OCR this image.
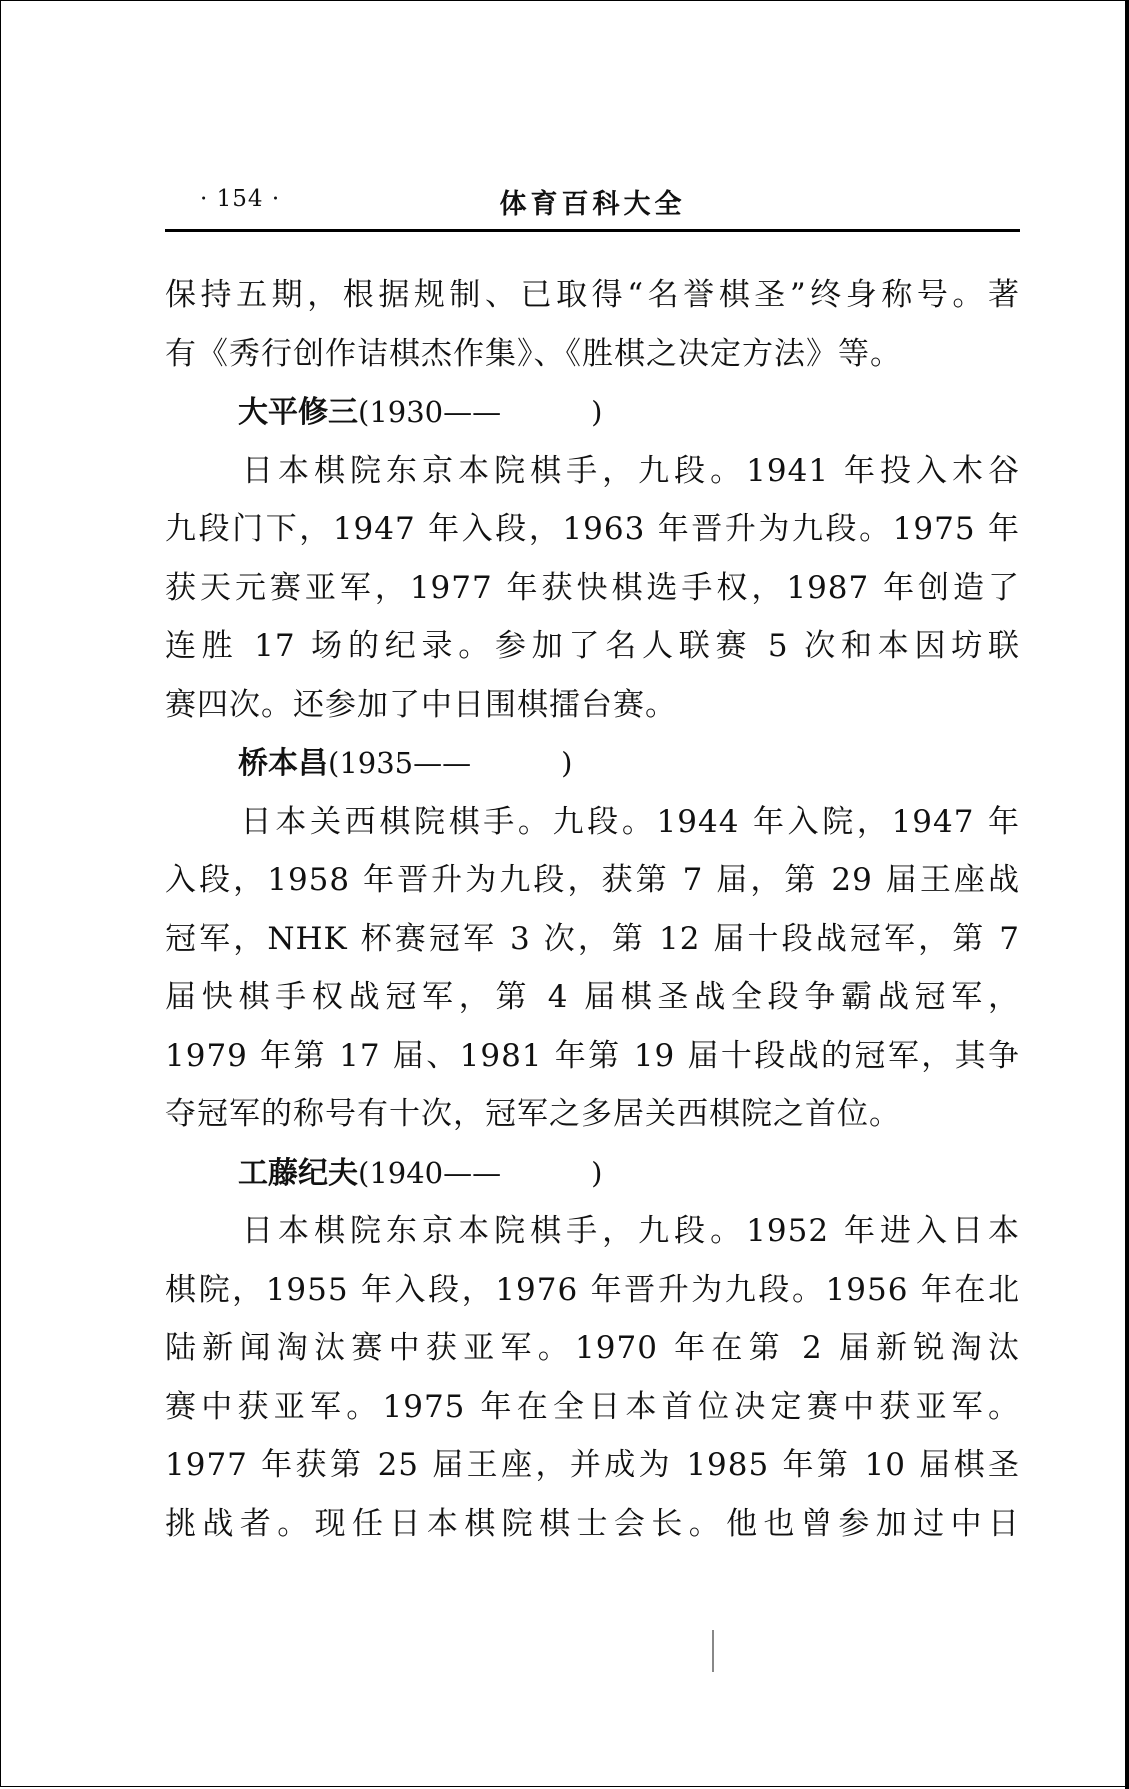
· 154 ·	体育百科大全
保持五期，根据规制、已取得“名誉棋圣”终身称号。著
有《秀行创作诘棋杰作集》、《胜棋之决定方法》等。
大平修三(1930——	)
日本棋院东京本院棋手，九段。1941 年投入木谷
九段门下，1947 年入段，1963 年晋升为九段。1975 年
获天元赛亚军，1977 年获快棋选手权，1987 年创造了
连胜 17 场的纪录。参加了名人联赛 5 次和本因坊联
赛四次。还参加了中日围棋擂台赛。
桥本昌(1935——	)
日本关西棋院棋手。九段。1944 年入院，1947 年
入段，1958 年晋升为九段，获第 7 届，第 29 届王座战
冠军，NHK 杯赛冠军 3 次，第 12 届十段战冠军，第 7
届快棋手权战冠军，第 4 届棋圣战全段争霸战冠军，
1979 年第 17 届、1981 年第 19 届十段战的冠军，其争
夺冠军的称号有十次，冠军之多居关西棋院之首位。
工藤纪夫(1940——	)
日本棋院东京本院棋手，九段。1952 年进入日本
棋院，1955 年入段，1976 年晋升为九段。1956 年在北
陆新闻淘汰赛中获亚军。1970 年在第 2 届新锐淘汰
赛中获亚军。1975 年在全日本首位决定赛中获亚军。
1977 年获第 25 届王座，并成为 1985 年第 10 届棋圣
挑战者。现任日本棋院棋士会长。他也曾参加过中日
